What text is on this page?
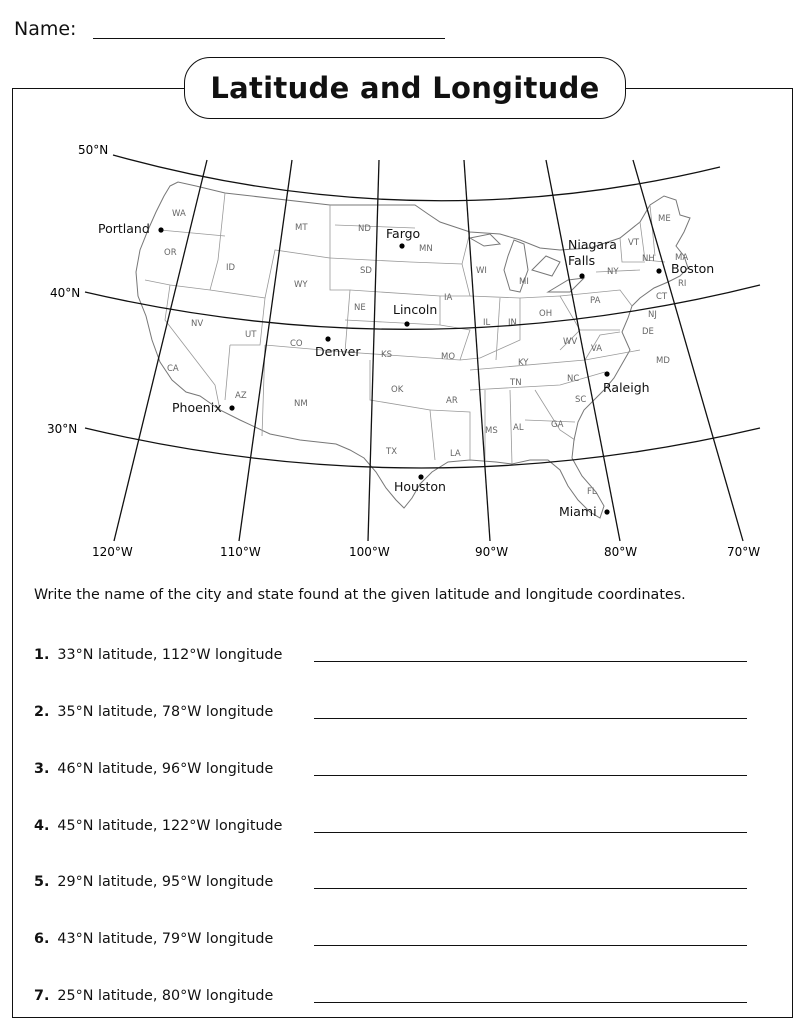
Name:
Latitude and Longitude
50°N
40°N
30°N
120°W	110°W	100°W	90°W	80°W	70°W
WA
OR
CA
ID
NV
AZ
UT
MT
WY
CO
NM
ND
SD
NE
KS
OK
TX
MN
IA
MO
AR
LA
WI
IL
MI
IN
OH
KY
TN
MS AL	GA
FL
SC
NC
VA
WV
PA
NY
VT
NH
ME
MA
RI
CT
NJ
DE
MD
Portland	Fargo
Niagara Falls
Boston
Lincoln
Denver
Raleigh
Phoenix
Houston
Miami
Write the name of the city and state found at the given latitude and longitude coordinates.
1. 33°N latitude, 112°W longitude
2. 35°N latitude, 78°W longitude
3. 46°N latitude, 96°W longitude
4. 45°N latitude, 122°W longitude
5. 29°N latitude, 95°W longitude
6. 43°N latitude, 79°W longitude
7. 25°N latitude, 80°W longitude
